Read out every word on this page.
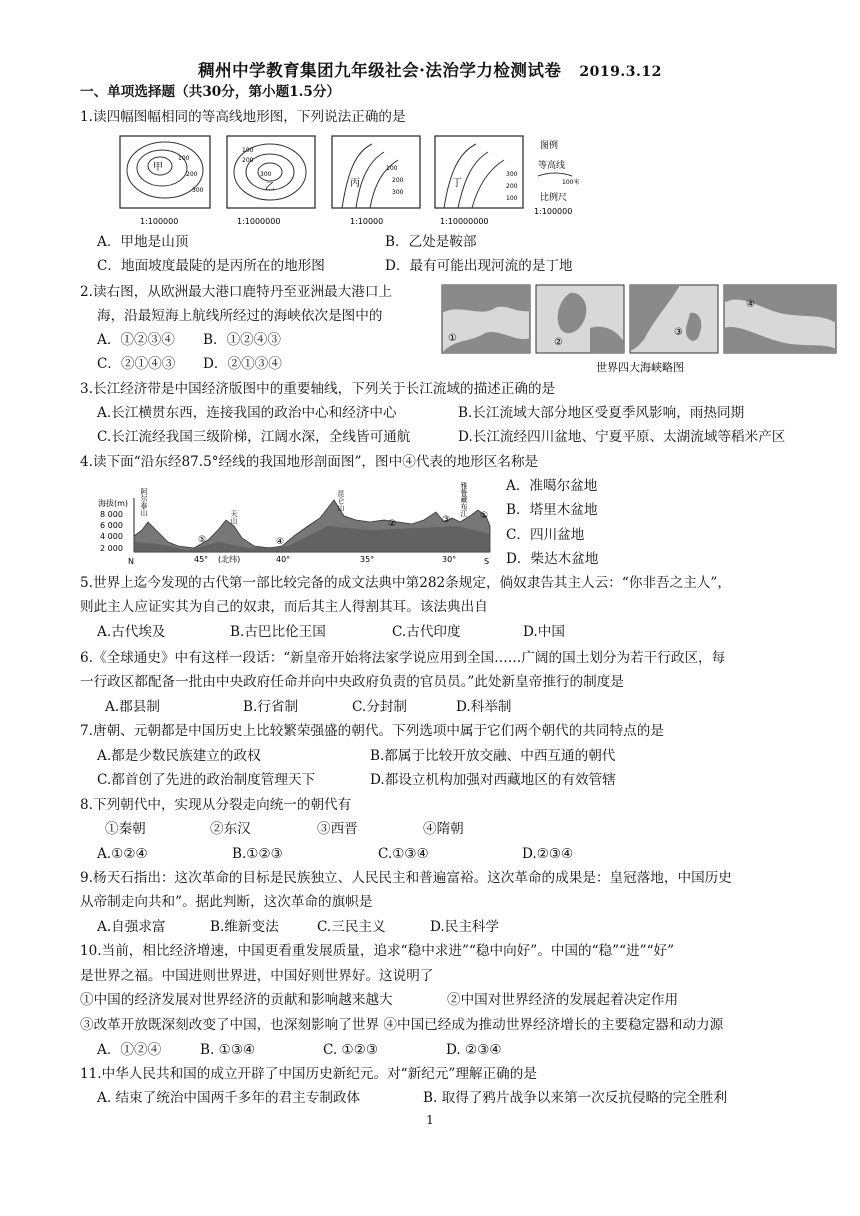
稠州中学教育集团九年级社会·法治学力检测试卷 2019.3.12
一、单项选择题（共30分，第小题1.5分）
1.读四幅图幅相同的等高线地形图，下列说法正确的是
甲
100
200
300
1:100000
乙
100
200
300
1:1000000
丙
100
200
300
1:10000
丁
300
200
100
1:10000000
图例
等高线
100米
比例尺
1:100000
A．甲地是山顶	B．乙处是鞍部
C．地面坡度最陡的是丙所在的地形图	D．最有可能出现河流的是丁地
2.读右图，从欧洲最大港口鹿特丹至亚洲最大港口上
海，沿最短海上航线所经过的海峡依次是图中的
A．①②③④ B．①②④③
C．②①④③ D．②①③④
①	②
③
④
世界四大海峡略图
3.长江经济带是中国经济版图中的重要轴线，下列关于长江流域的描述正确的是
A.长江横贯东西，连接我国的政治中心和经济中心	B.长江流域大部分地区受夏季风影响，雨热同期
C.长江流经我国三级阶梯，江阔水深，全线皆可通航	D.长江流经四川盆地、宁夏平原、太湖流域等稻米产区
4.读下面“沿东经87.5°经线的我国地形剖面图”，图中④代表的地形区名称是
海拔(m)
8 000
6 000
4 000
2 000
阿尔泰山
天山
昆仑山	雅鲁藏布江
⑤	④
②	③	①
N	45° (北纬)	40°	35°	30°	S
A．准噶尔盆地
B．塔里木盆地
C．四川盆地
D．柴达木盆地
5.世界上迄今发现的古代第一部比较完备的成文法典中第282条规定，倘奴隶告其主人云：“你非吾之主人”，
则此主人应证实其为自己的奴隶，而后其主人得割其耳。该法典出自
A.古代埃及	B.古巴比伦王国	C.古代印度	D.中国
6.《全球通史》中有这样一段话：“新皇帝开始将法家学说应用到全国……广阔的国土划分为若干行政区，每
一行政区都配备一批由中央政府任命并向中央政府负责的官员员。”此处新皇帝推行的制度是
A.郡县制	B.行省制	C.分封制	D.科举制
7.唐朝、元朝都是中国历史上比较繁荣强盛的朝代。下列选项中属于它们两个朝代的共同特点的是
A.都是少数民族建立的政权	B.都属于比较开放交融、中西互通的朝代
C.都首创了先进的政治制度管理天下	D.都设立机构加强对西藏地区的有效管辖
8.下列朝代中，实现从分裂走向统一的朝代有
①秦朝	②东汉	③西晋	④隋朝
A.①②④	B.①②③	C.①③④	D.②③④
9.杨天石指出：这次革命的目标是民族独立、人民民主和普遍富裕。这次革命的成果是：皇冠落地，中国历史
从帝制走向共和”。据此判断，这次革命的旗帜是
A.自强求富	B.维新变法	C.三民主义	D.民主科学
10.当前，相比经济增速，中国更看重发展质量，追求“稳中求进”“稳中向好”。中国的“稳”“进”“好”
是世界之福。中国进则世界进，中国好则世界好。这说明了
①中国的经济发展对世界经济的贡献和影响越来越大	②中国对世界经济的发展起着决定作用
③改革开放既深刻改变了中国，也深刻影响了世界 ④中国已经成为推动世界经济增长的主要稳定器和动力源
A．①②④	B. ①③④	C. ①②③	D. ②③④
11.中华人民共和国的成立开辟了中国历史新纪元。对“新纪元”理解正确的是
A. 结束了统治中国两千多年的君主专制政体	B. 取得了鸦片战争以来第一次反抗侵略的完全胜利
1
